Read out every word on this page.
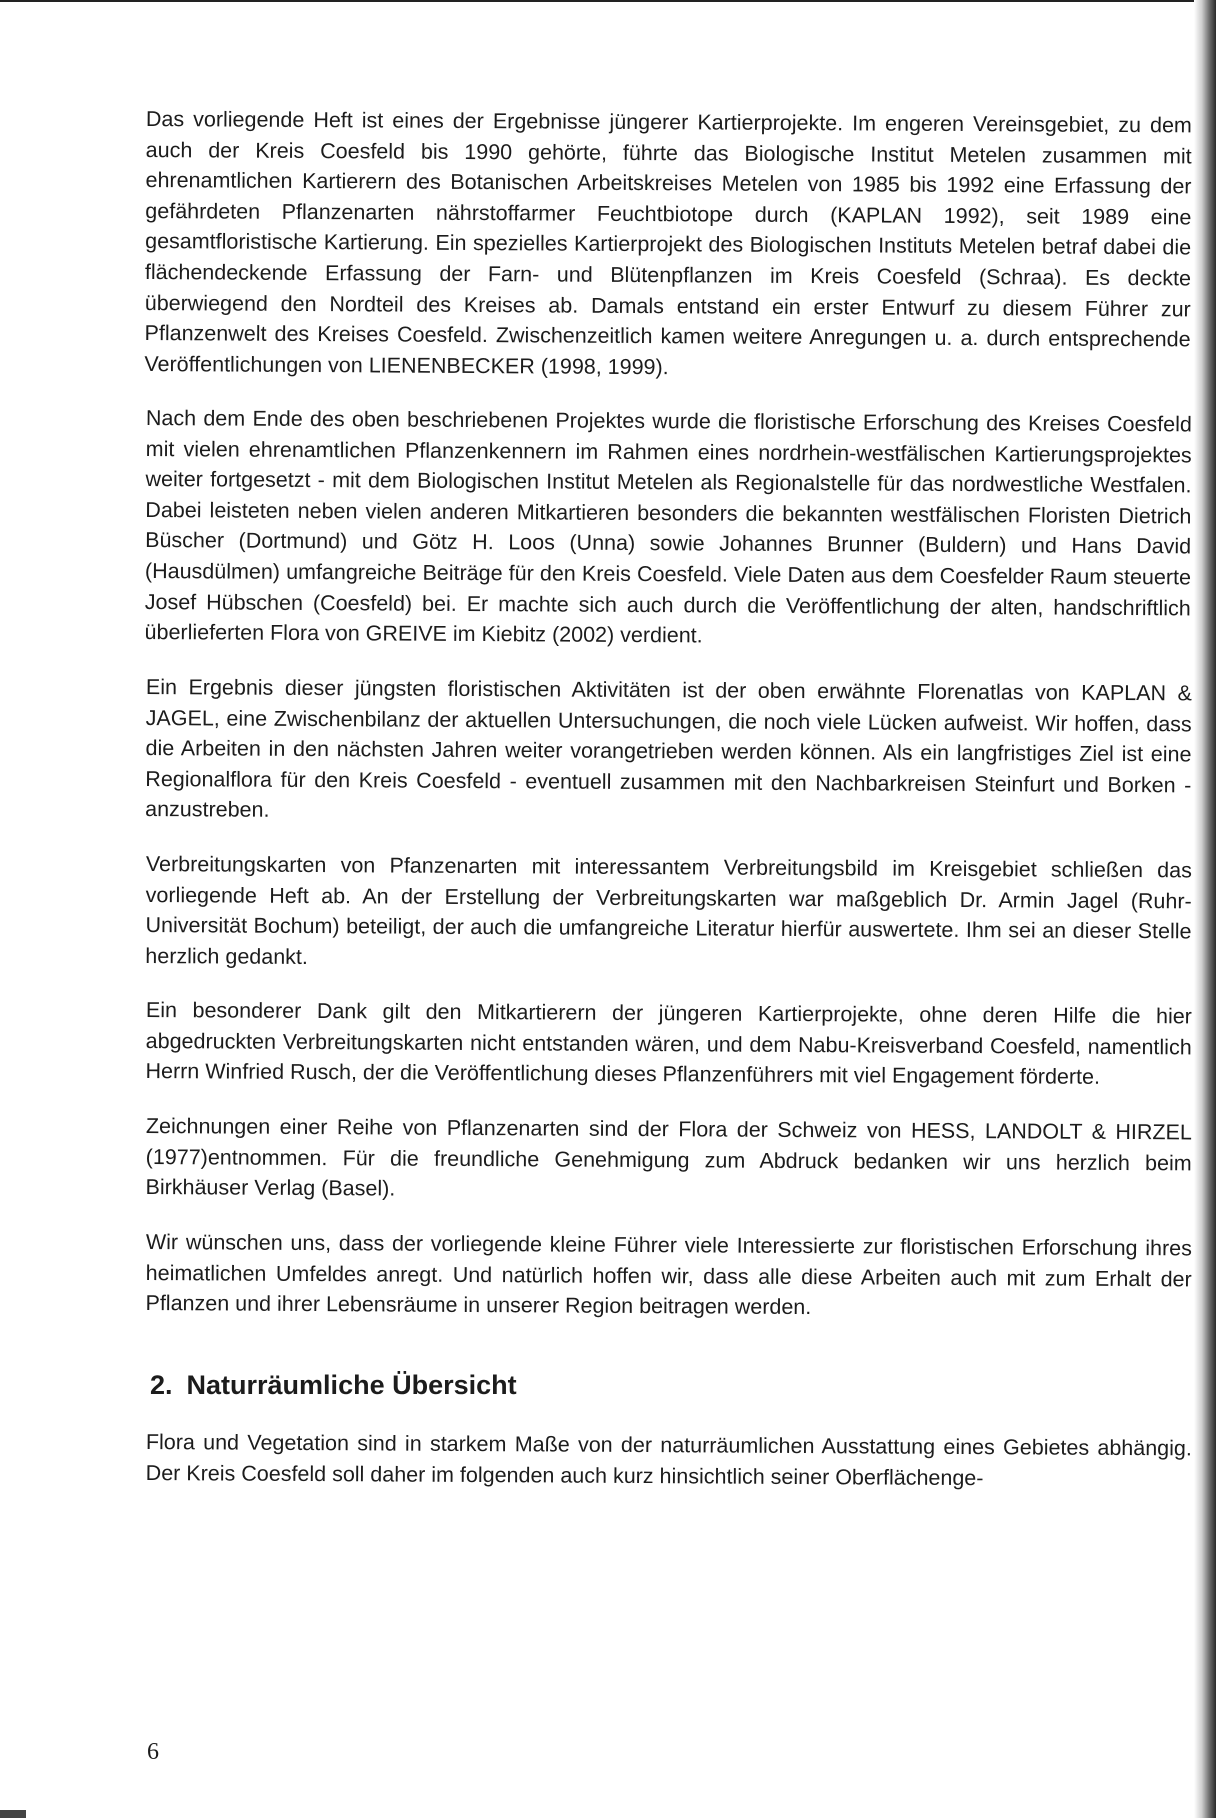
Das vorliegende Heft ist eines der Ergebnisse jüngerer Kartierprojekte. Im engeren Vereinsgebiet, zu dem auch der Kreis Coesfeld bis 1990 gehörte, führte das Biologische Institut Metelen zusammen mit ehrenamtlichen Kartierern des Botanischen Arbeitskreises Metelen von 1985 bis 1992 eine Erfassung der gefährdeten Pflanzenarten nährstoffarmer Feuchtbiotope durch (KAPLAN 1992), seit 1989 eine gesamtfloristische Kartierung. Ein spezielles Kartierprojekt des Biologischen Instituts Metelen betraf dabei die flächendeckende Erfassung der Farn- und Blütenpflanzen im Kreis Coesfeld (Schraa). Es deckte überwiegend den Nordteil des Kreises ab. Damals entstand ein erster Entwurf zu diesem Führer zur Pflanzenwelt des Kreises Coesfeld. Zwischenzeitlich kamen weitere Anregungen u. a. durch entsprechende Veröffentlichungen von LIENENBECKER (1998, 1999).

Nach dem Ende des oben beschriebenen Projektes wurde die floristische Erforschung des Kreises Coesfeld mit vielen ehrenamtlichen Pflanzenkennern im Rahmen eines nordrhein-westfälischen Kartierungsprojektes weiter fortgesetzt - mit dem Biologischen Institut Metelen als Regionalstelle für das nordwestliche Westfalen. Dabei leisteten neben vielen anderen Mitkartieren besonders die bekannten westfälischen Floristen Dietrich Büscher (Dortmund) und Götz H. Loos (Unna) sowie Johannes Brunner (Buldern) und Hans David (Hausdülmen) umfangreiche Beiträge für den Kreis Coesfeld. Viele Daten aus dem Coesfelder Raum steuerte Josef Hübschen (Coesfeld) bei. Er machte sich auch durch die Veröffentlichung der alten, handschriftlich überlieferten Flora von GREIVE im Kiebitz (2002) verdient.

Ein Ergebnis dieser jüngsten floristischen Aktivitäten ist der oben erwähnte Florenatlas von KAPLAN & JAGEL, eine Zwischenbilanz der aktuellen Untersuchungen, die noch viele Lücken aufweist. Wir hoffen, dass die Arbeiten in den nächsten Jahren weiter vorangetrieben werden können. Als ein langfristiges Ziel ist eine Regionalflora für den Kreis Coesfeld - eventuell zusammen mit den Nachbarkreisen Steinfurt und Borken - anzustreben.

Verbreitungskarten von Pfanzenarten mit interessantem Verbreitungsbild im Kreisgebiet schließen das vorliegende Heft ab. An der Erstellung der Verbreitungskarten war maßgeblich Dr. Armin Jagel (Ruhr-Universität Bochum) beteiligt, der auch die umfangreiche Literatur hierfür auswertete. Ihm sei an dieser Stelle herzlich gedankt.

Ein besonderer Dank gilt den Mitkartierern der jüngeren Kartierprojekte, ohne deren Hilfe die hier abgedruckten Verbreitungskarten nicht entstanden wären, und dem Nabu-Kreisverband Coesfeld, namentlich Herrn Winfried Rusch, der die Veröffentlichung dieses Pflanzenführers mit viel Engagement förderte.

Zeichnungen einer Reihe von Pflanzenarten sind der Flora der Schweiz von HESS, LANDOLT & HIRZEL (1977)entnommen. Für die freundliche Genehmigung zum Abdruck bedanken wir uns herzlich beim Birkhäuser Verlag (Basel).

Wir wünschen uns, dass der vorliegende kleine Führer viele Interessierte zur floristischen Erforschung ihres heimatlichen Umfeldes anregt. Und natürlich hoffen wir, dass alle diese Arbeiten auch mit zum Erhalt der Pflanzen und ihrer Lebensräume in unserer Region beitragen werden.

2. Naturräumliche Übersicht

Flora und Vegetation sind in starkem Maße von der naturräumlichen Ausstattung eines Gebietes abhängig. Der Kreis Coesfeld soll daher im folgenden auch kurz hinsichtlich seiner Oberflächenge-

6
